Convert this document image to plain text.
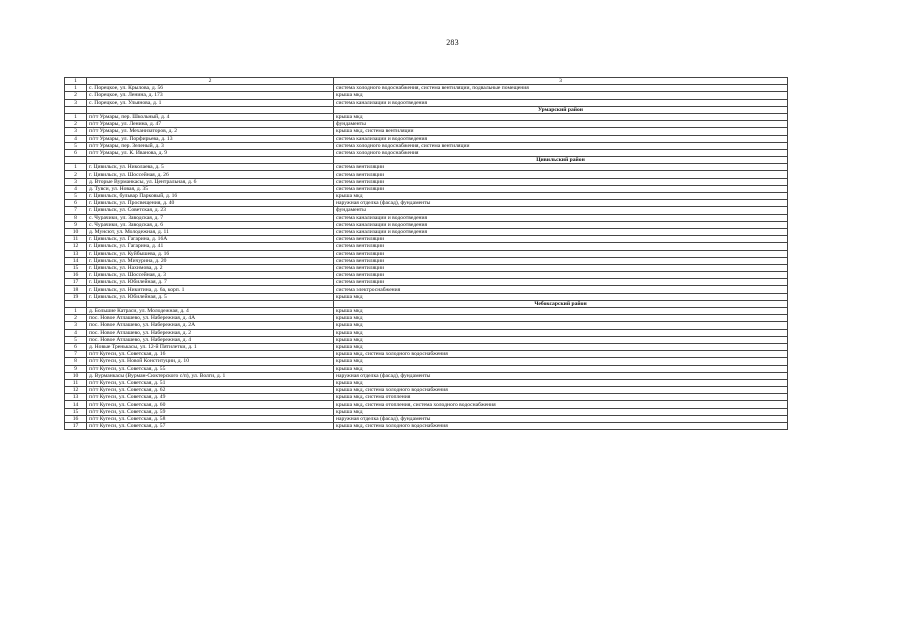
283
1	2	3
1	с. Порецкое, ул. Крылова, д. 56	система холодного водоснабжения, система вентиляции, подвальные помещения
2	с. Порецкое, ул. Ленина, д. 173	крыша мкд
3	с. Порецкое, ул. Ульянова, д. 1	система канализации и водоотведения
		Урмарский район
1	п/гт Урмары, пер. Школьный, д. 4	крыша мкд
2	п/гт Урмары, ул. Ленина, д. 47	фундаменты
3	п/гт Урмары, ул. Механизаторов, д. 2	крыша мкд, система вентиляции
4	п/гт Урмары, ул. Порфирьева, д. 13	система канализации и водоотведения
5	п/гт Урмары, пер. Зеленый, д. 3	система холодного водоснабжения, система вентиляции
6	п/гт Урмары, ул. К. Иванова, д. 9	система холодного водоснабжения
		Цивильский район
1	г. Цивильск, ул. Николаева, д. 5	система вентиляции
2	г. Цивильск, ул. Шоссейная, д. 26	система вентиляции
3	д. Вторые Вурманкасы, ул. Центральная, д. 6	система вентиляции
4	д. Тувси, ул. Новая, д. 35	система вентиляции
5	г. Цивильск, бульвар Парковый, д. 16	крыша мкд
6	г. Цивильск, ул. Просвещения, д. 40	наружная отделка (фасад), фундаменты
7	г. Цивильск, ул. Советская, д. 23	фундаменты
8	с. Чурачики, ул. Заводская, д. 7	система канализации и водоотведения
9	с. Чурачики, ул. Заводская, д. 6	система канализации и водоотведения
10	д. Мунсют, ул. Молодежная, д. 11	система канализации и водоотведения
11	г. Цивильск, ул. Гагарина, д. 16А	система вентиляции
12	г. Цивильск, ул. Гагарина, д. 41	система вентиляции
13	г. Цивильск, ул. Куйбышева, д. 16	система вентиляции
14	г. Цивильск, ул. Мичурина, д. 20	система вентиляции
15	г. Цивильск, ул. Нахимова, д. 2	система вентиляции
16	г. Цивильск, ул. Шоссейная, д. 3	система вентиляции
17	г. Цивильск, ул. Юбилейная, д. 7	система вентиляции
18	г. Цивильск, ул. Никитина, д. 6а, корп. 1	система электроснабжения
19	г. Цивильск, ул. Юбилейная, д. 5	крыша мкд
		Чебоксарский район
1	д. Большие Катраси, ул. Молодежная, д. 4	крыша мкд
2	пос. Новое Атлашево, ул. Набережная, д. 4А	крыша мкд
3	пос. Новое Атлашево, ул. Набережная, д. 2А	крыша мкд
4	пос. Новое Атлашево, ул. Набережная, д. 2	крыша мкд
5	пос. Новое Атлашево, ул. Набережная, д. 4	крыша мкд
6	д. Новые Тренькасы, ул. 12-й Пятилетки, д. 1	крыша мкд
7	п/гт Кугеси, ул. Советская, д. 16	крыша мкд, система холодного водоснабжения
8	п/гт Кугеси, ул. Новой Конституции, д. 10	крыша мкд
9	п/гт Кугеси, ул. Советская, д. 55	крыша мкд
10	д. Вурманкасы (Вурман-Сюктерского с/п), ул. Волги, д. 1	наружная отделка (фасад), фундаменты
11	п/гт Кугеси, ул. Советская, д. 51	крыша мкд
12	п/гт Кугеси, ул. Советская, д. 62	крыша мкд, система холодного водоснабжения
13	п/гт Кугеси, ул. Советская, д. 49	крыша мкд, система отопления
14	п/гт Кугеси, ул. Советская, д. 60	крыша мкд, система отопления, система холодного водоснабжения
15	п/гт Кугеси, ул. Советская, д. 59	крыша мкд
16	п/гт Кугеси, ул. Советская, д. 58	наружная отделка (фасад), фундаменты
17	п/гт Кугеси, ул. Советская, д. 57	крыша мкд, система холодного водоснабжения
